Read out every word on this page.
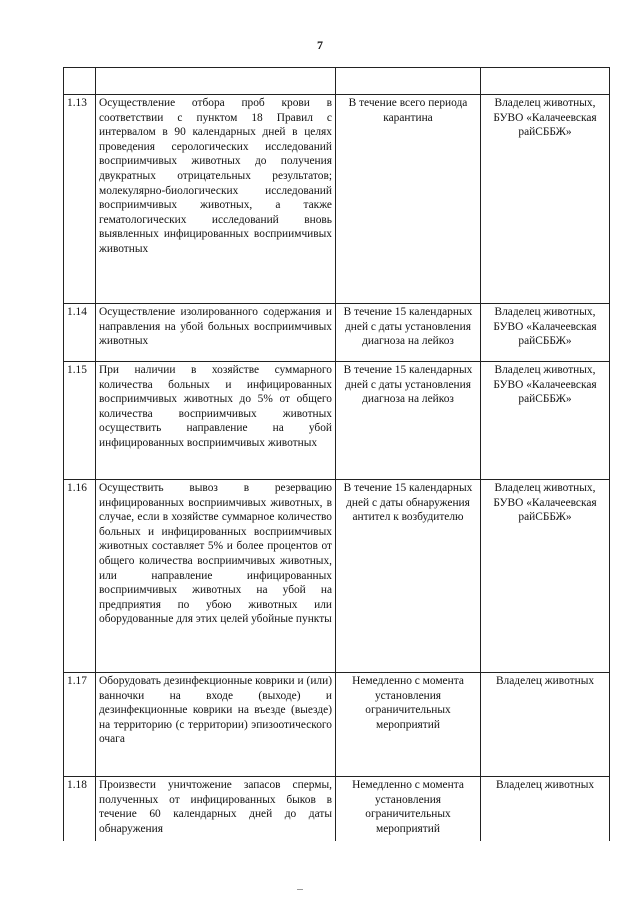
7

1.13	Осуществление отбора проб крови в соответствии с пунктом 18 Правил с интервалом в 90 календарных дней в целях проведения серологических исследований восприимчивых животных до получения двукратных отрицательных результатов; молекулярно-биологических исследований восприимчивых животных, а также гематологических исследований вновь выявленных инфицированных восприимчивых животных	В течение всего периода карантина	Владелец животных, БУВО «Калачеевская райСББЖ»
1.14	Осуществление изолированного содержания и направления на убой больных восприимчивых животных	В течение 15 календарных дней с даты установления диагноза на лейкоз	Владелец животных, БУВО «Калачеевская райСББЖ»
1.15	При наличии в хозяйстве суммарного количества больных и инфицированных восприимчивых животных до 5% от общего количества восприимчивых животных осуществить направление на убой инфицированных восприимчивых животных	В течение 15 календарных дней с даты установления диагноза на лейкоз	Владелец животных, БУВО «Калачеевская райСББЖ»
1.16	Осуществить вывоз в резервацию инфицированных восприимчивых животных, в случае, если в хозяйстве суммарное количество больных и инфицированных восприимчивых животных составляет 5% и более процентов от общего количества восприимчивых животных, или направление инфицированных восприимчивых животных на убой на предприятия по убою животных или оборудованные для этих целей убойные пункты	В течение 15 календарных дней с даты обнаружения антител к возбудителю	Владелец животных, БУВО «Калачеевская райСББЖ»
1.17	Оборудовать дезинфекционные коврики и (или) ванночки на входе (выходе) и дезинфекционные коврики на въезде (выезде) на территорию (с территории) эпизоотического очага	Немедленно с момента установления ограничительных мероприятий	Владелец животных
1.18	Произвести уничтожение запасов спермы, полученных от инфицированных быков в течение 60 календарных дней до даты обнаружения	Немедленно с момента установления ограничительных мероприятий	Владелец животных
